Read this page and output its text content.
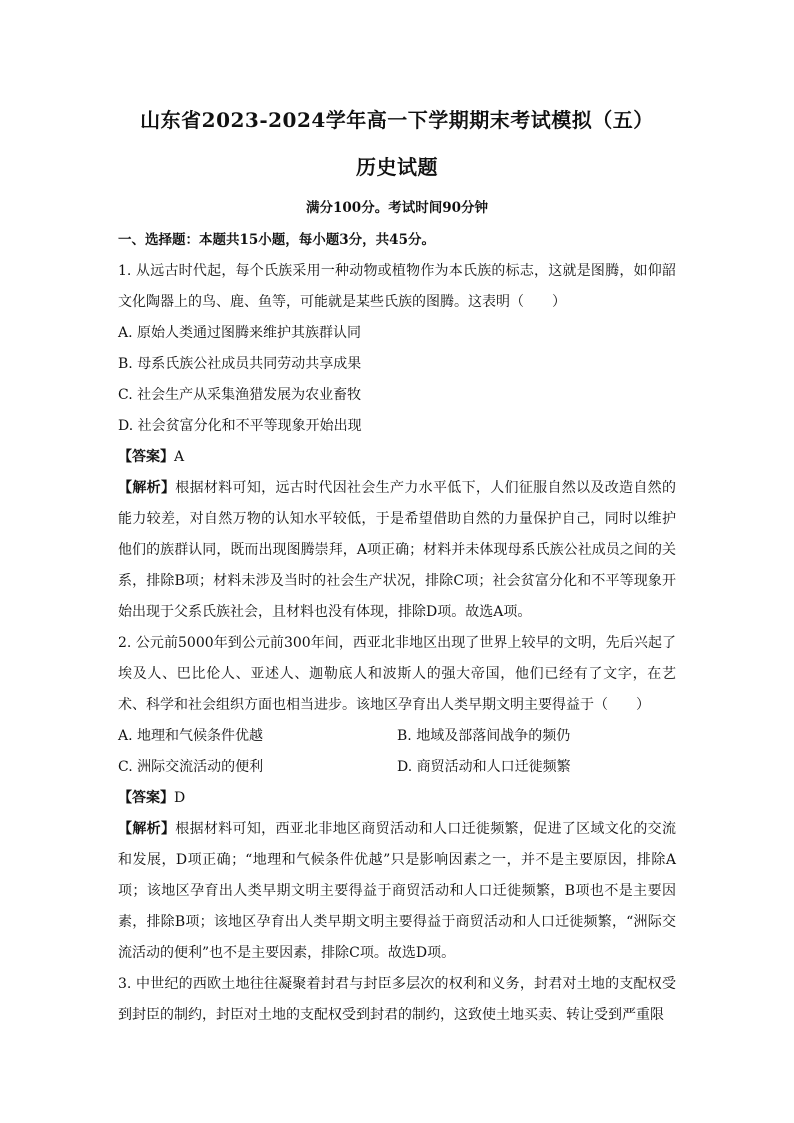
山东省2023-2024学年高一下学期期末考试模拟（五）
历史试题
满分100分。考试时间90分钟
一、选择题：本题共15小题，每小题3分，共45分。

1. 从远古时代起，每个氏族采用一种动物或植物作为本氏族的标志，这就是图腾，如仰韶文化陶器上的鸟、鹿、鱼等，可能就是某些氏族的图腾。这表明（　　）

A. 原始人类通过图腾来维护其族群认同

B. 母系氏族公社成员共同劳动共享成果

C. 社会生产从采集渔猎发展为农业畜牧

D. 社会贫富分化和不平等现象开始出现

【答案】A

【解析】根据材料可知，远古时代因社会生产力水平低下，人们征服自然以及改造自然的能力较差，对自然万物的认知水平较低，于是希望借助自然的力量保护自己，同时以维护他们的族群认同，既而出现图腾崇拜，A项正确；材料并未体现母系氏族公社成员之间的关系，排除B项；材料未涉及当时的社会生产状况，排除C项；社会贫富分化和不平等现象开始出现于父系氏族社会，且材料也没有体现，排除D项。故选A项。

2. 公元前5000年到公元前300年间，西亚北非地区出现了世界上较早的文明，先后兴起了埃及人、巴比伦人、亚述人、迦勒底人和波斯人的强大帝国，他们已经有了文字，在艺术、科学和社会组织方面也相当进步。该地区孕育出人类早期文明主要得益于（　　）

A. 地理和气候条件优越	B. 地域及部落间战争的频仍

C. 洲际交流活动的便利	D. 商贸活动和人口迁徙频繁

【答案】D

【解析】根据材料可知，西亚北非地区商贸活动和人口迁徙频繁，促进了区域文化的交流和发展，D项正确；“地理和气候条件优越”只是影响因素之一，并不是主要原因，排除A项；该地区孕育出人类早期文明主要得益于商贸活动和人口迁徙频繁，B项也不是主要因素，排除B项；该地区孕育出人类早期文明主要得益于商贸活动和人口迁徙频繁，“洲际交流活动的便利”也不是主要因素，排除C项。故选D项。

3. 中世纪的西欧土地往往凝聚着封君与封臣多层次的权利和义务，封君对土地的支配权受到封臣的制约，封臣对土地的支配权受到封君的制约，这致使土地买卖、转让受到严重限
